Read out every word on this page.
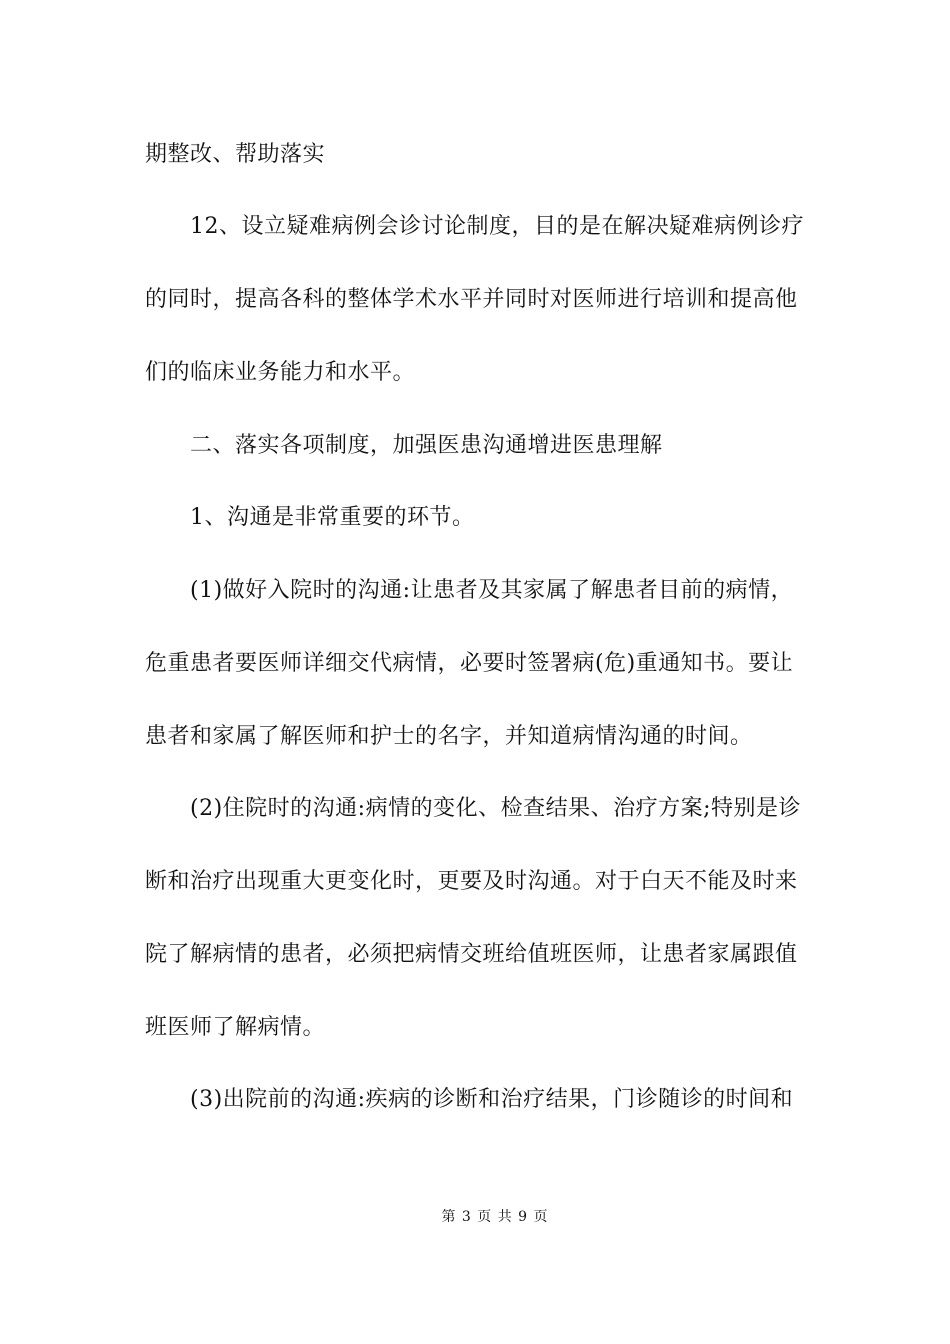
期整改、帮助落实
12、设立疑难病例会诊讨论制度，目的是在解决疑难病例诊疗
的同时，提高各科的整体学术水平并同时对医师进行培训和提高他
们的临床业务能力和水平。
二、落实各项制度，加强医患沟通增进医患理解
1、沟通是非常重要的环节。
(1)做好入院时的沟通:让患者及其家属了解患者目前的病情，
危重患者要医师详细交代病情，必要时签署病(危)重通知书。要让
患者和家属了解医师和护士的名字，并知道病情沟通的时间。
(2)住院时的沟通:病情的变化、检查结果、治疗方案;特别是诊
断和治疗出现重大更变化时，更要及时沟通。对于白天不能及时来
院了解病情的患者，必须把病情交班给值班医师，让患者家属跟值
班医师了解病情。
(3)出院前的沟通:疾病的诊断和治疗结果，门诊随诊的时间和
第 3 页 共 9 页
